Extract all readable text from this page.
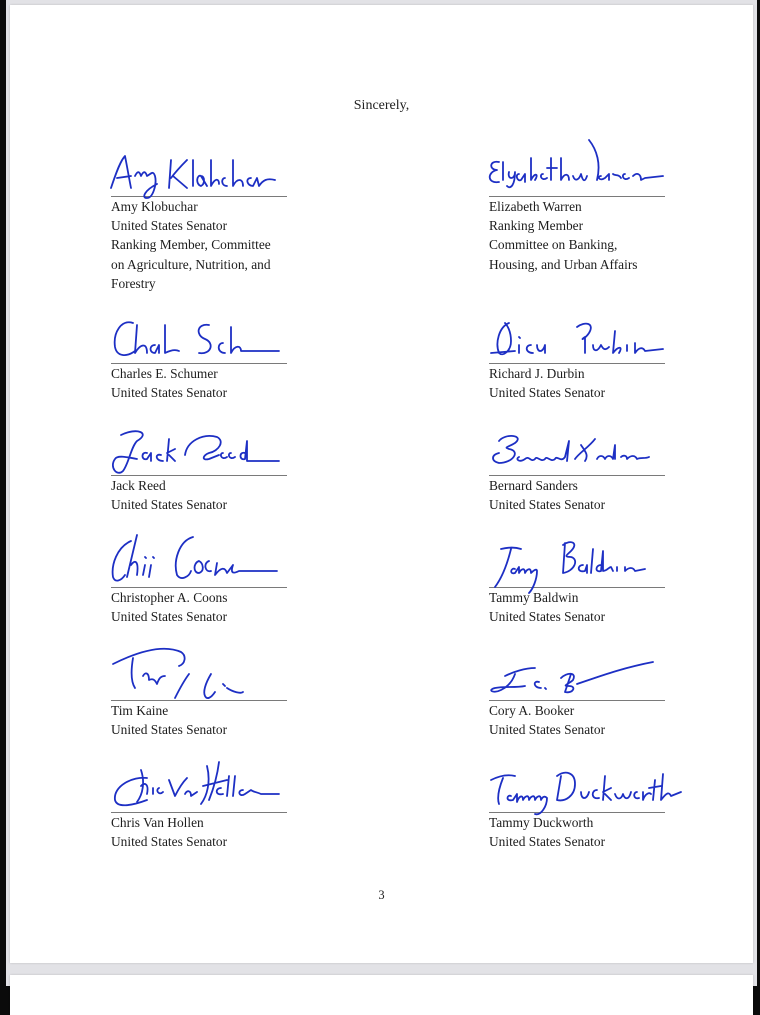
Sincerely,
Amy Klobuchar
United States Senator
Ranking Member, Committee
on Agriculture, Nutrition, and
Forestry
Elizabeth Warren
Ranking Member
Committee on Banking,
Housing, and Urban Affairs
Charles E. Schumer
United States Senator
Richard J. Durbin
United States Senator
Jack Reed
United States Senator
Bernard Sanders
United States Senator
Christopher A. Coons
United States Senator
Tammy Baldwin
United States Senator
Tim Kaine
United States Senator
Cory A. Booker
United States Senator
Chris Van Hollen
United States Senator
Tammy Duckworth
United States Senator
3
